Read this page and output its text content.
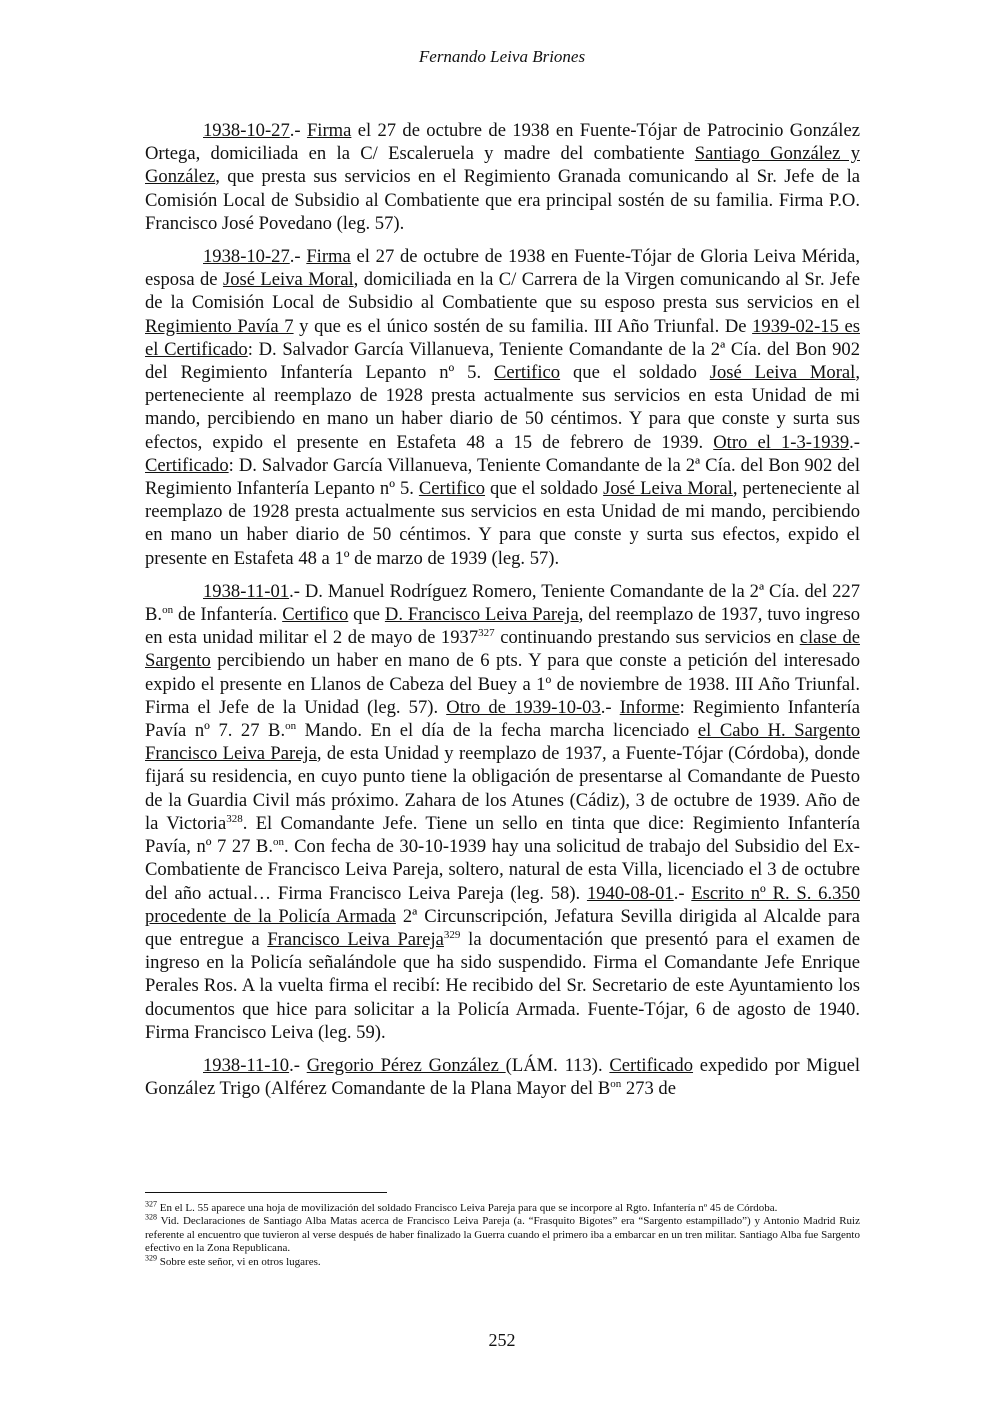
Fernando Leiva Briones

1938-10-27.- Firma el 27 de octubre de 1938 en Fuente-Tójar de Patrocinio González Ortega, domiciliada en la C/ Escaleruela y madre del combatiente Santiago González y González, que presta sus servicios en el Regimiento Granada comunicando al Sr. Jefe de la Comisión Local de Subsidio al Combatiente que era principal sostén de su familia. Firma P.O. Francisco José Povedano (leg. 57).

1938-10-27.- Firma el 27 de octubre de 1938 en Fuente-Tójar de Gloria Leiva Mérida, esposa de José Leiva Moral, domiciliada en la C/ Carrera de la Virgen comunicando al Sr. Jefe de la Comisión Local de Subsidio al Combatiente que su esposo presta sus servicios en el Regimiento Pavía 7 y que es el único sostén de su familia. III Año Triunfal. De 1939-02-15 es el Certificado: D. Salvador García Villanueva, Teniente Comandante de la 2ª Cía. del Bon 902 del Regimiento Infantería Lepanto nº 5. Certifico que el soldado José Leiva Moral, perteneciente al reemplazo de 1928 presta actualmente sus servicios en esta Unidad de mi mando, percibiendo en mano un haber diario de 50 céntimos. Y para que conste y surta sus efectos, expido el presente en Estafeta 48 a 15 de febrero de 1939. Otro el 1-3-1939.- Certificado: D. Salvador García Villanueva, Teniente Comandante de la 2ª Cía. del Bon 902 del Regimiento Infantería Lepanto nº 5. Certifico que el soldado José Leiva Moral, perteneciente al reemplazo de 1928 presta actualmente sus servicios en esta Unidad de mi mando, percibiendo en mano un haber diario de 50 céntimos. Y para que conste y surta sus efectos, expido el presente en Estafeta 48 a 1º de marzo de 1939 (leg. 57).

1938-11-01.- D. Manuel Rodríguez Romero, Teniente Comandante de la 2ª Cía. del 227 B.$^{on}$ de Infantería. Certifico que D. Francisco Leiva Pareja, del reemplazo de 1937, tuvo ingreso en esta unidad militar el 2 de mayo de 1937$^{327}$ continuando prestando sus servicios en clase de Sargento percibiendo un haber en mano de 6 pts. Y para que conste a petición del interesado expido el presente en Llanos de Cabeza del Buey a 1º de noviembre de 1938. III Año Triunfal. Firma el Jefe de la Unidad (leg. 57). Otro de 1939-10-03.- Informe: Regimiento Infantería Pavía nº 7. 27 B.$^{on}$ Mando. En el día de la fecha marcha licenciado el Cabo H. Sargento Francisco Leiva Pareja, de esta Unidad y reemplazo de 1937, a Fuente-Tójar (Córdoba), donde fijará su residencia, en cuyo punto tiene la obligación de presentarse al Comandante de Puesto de la Guardia Civil más próximo. Zahara de los Atunes (Cádiz), 3 de octubre de 1939. Año de la Victoria$^{328}$. El Comandante Jefe. Tiene un sello en tinta que dice: Regimiento Infantería Pavía, nº 7 27 B.$^{on}$. Con fecha de 30-10-1939 hay una solicitud de trabajo del Subsidio del Ex-Combatiente de Francisco Leiva Pareja, soltero, natural de esta Villa, licenciado el 3 de octubre del año actual… Firma Francisco Leiva Pareja (leg. 58). 1940-08-01.- Escrito nº R. S. 6.350 procedente de la Policía Armada 2ª Circunscripción, Jefatura Sevilla dirigida al Alcalde para que entregue a Francisco Leiva Pareja$^{329}$ la documentación que presentó para el examen de ingreso en la Policía señalándole que ha sido suspendido. Firma el Comandante Jefe Enrique Perales Ros. A la vuelta firma el recibí: He recibido del Sr. Secretario de este Ayuntamiento los documentos que hice para solicitar a la Policía Armada. Fuente-Tójar, 6 de agosto de 1940. Firma Francisco Leiva (leg. 59).

1938-11-10.- Gregorio Pérez González (LÁM. 113). Certificado expedido por Miguel González Trigo (Alférez Comandante de la Plana Mayor del $B^{on}$ 273 de

$^{327}$ En el L. 55 aparece una hoja de movilización del soldado Francisco Leiva Pareja para que se incorpore al Rgto. Infantería nº 45 de Córdoba.

$^{328}$ Vid. Declaraciones de Santiago Alba Matas acerca de Francisco Leiva Pareja (a. “Frasquito Bigotes” era “Sargento estampillado”) y Antonio Madrid Ruiz referente al encuentro que tuvieron al verse después de haber finalizado la Guerra cuando el primero iba a embarcar en un tren militar. Santiago Alba fue Sargento efectivo en la Zona Republicana.

$^{329}$ Sobre este señor, vi en otros lugares.

252
